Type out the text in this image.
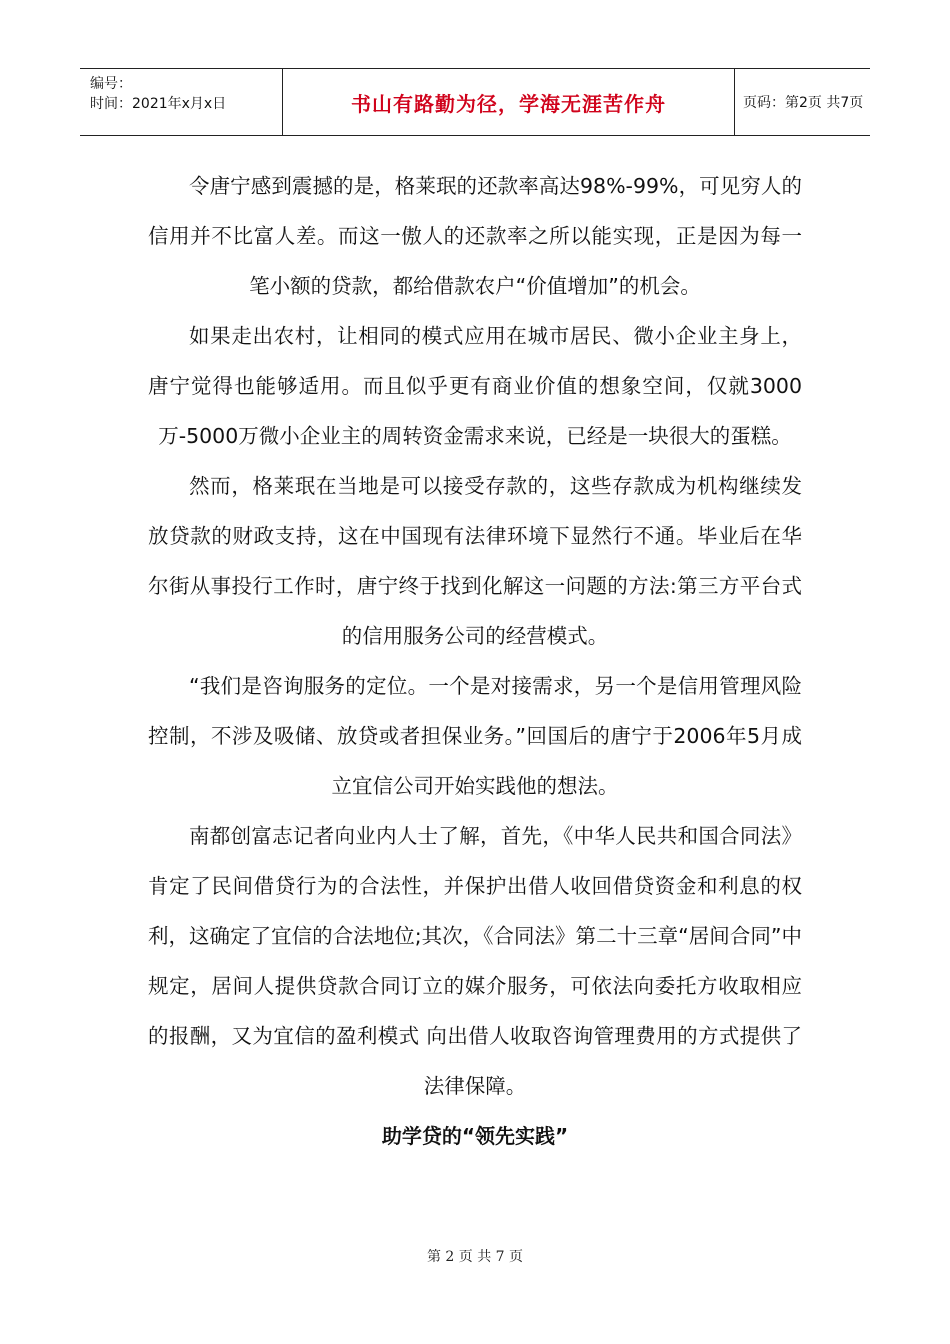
编号：
时间：2021年x月x日	书山有路勤为径，学海无涯苦作舟	页码：第2页 共7页

令唐宁感到震撼的是，格莱珉的还款率高达98%-99%，可见穷人的信用并不比富人差。而这一傲人的还款率之所以能实现，正是因为每一笔小额的贷款，都给借款农户“价值增加”的机会。

如果走出农村，让相同的模式应用在城市居民、微小企业主身上，唐宁觉得也能够适用。而且似乎更有商业价值的想象空间，仅就3000万-5000万微小企业主的周转资金需求来说，已经是一块很大的蛋糕。

然而，格莱珉在当地是可以接受存款的，这些存款成为机构继续发放贷款的财政支持，这在中国现有法律环境下显然行不通。毕业后在华尔街从事投行工作时，唐宁终于找到化解这一问题的方法:第三方平台式的信用服务公司的经营模式。

“我们是咨询服务的定位。一个是对接需求，另一个是信用管理风险控制，不涉及吸储、放贷或者担保业务。”回国后的唐宁于2006年5月成立宜信公司开始实践他的想法。

南都创富志记者向业内人士了解，首先，《中华人民共和国合同法》肯定了民间借贷行为的合法性，并保护出借人收回借贷资金和利息的权利，这确定了宜信的合法地位;其次，《合同法》第二十三章“居间合同”中规定，居间人提供贷款合同订立的媒介服务，可依法向委托方收取相应的报酬，又为宜信的盈利模式 向出借人收取咨询管理费用的方式提供了法律保障。

助学贷的“领先实践”

第 2 页 共 7 页
